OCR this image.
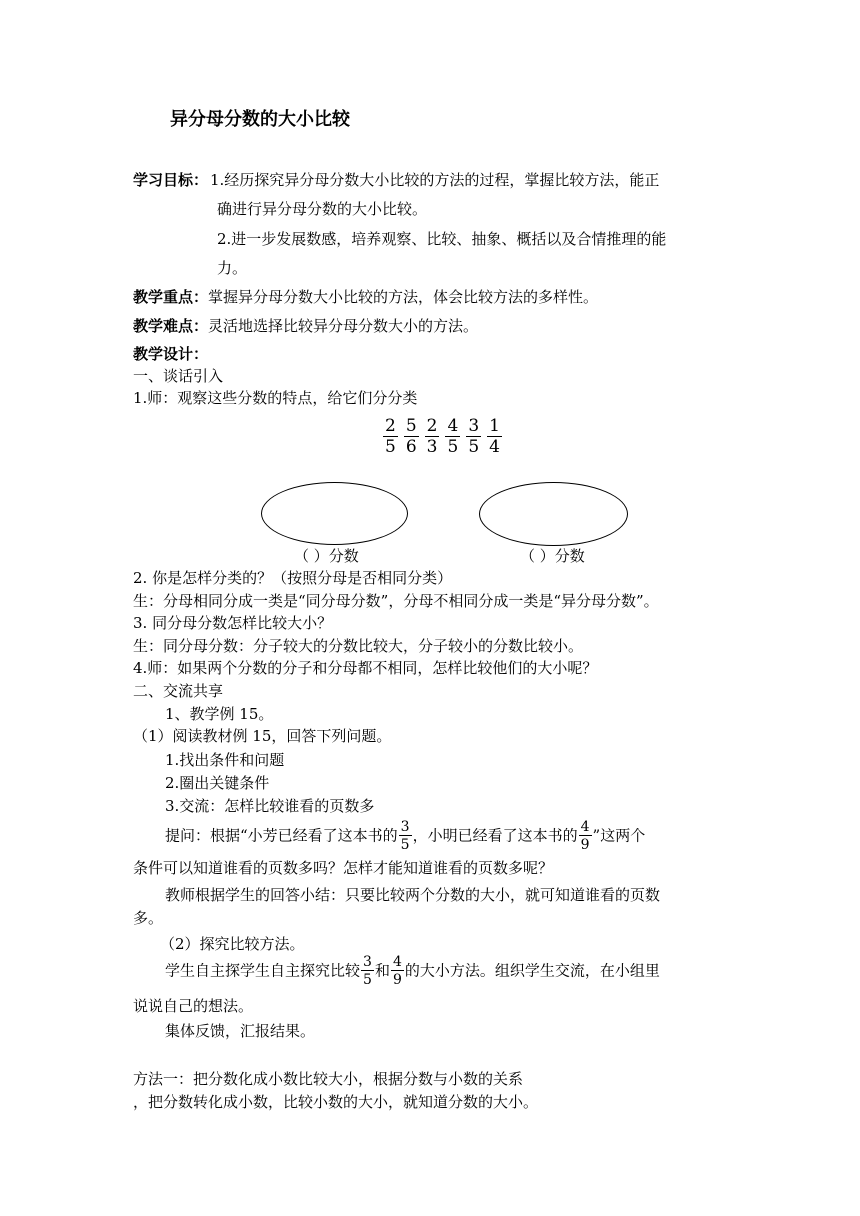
异分母分数的大小比较
学习目标： 1.经历探究异分母分数大小比较的方法的过程，掌握比较方法，能正
确进行异分母分数的大小比较。
2.进一步发展数感，培养观察、比较、抽象、概括以及合情推理的能
力。
教学重点：掌握异分母分数大小比较的方法，体会比较方法的多样性。
教学难点：灵活地选择比较异分母分数大小的方法。
教学设计：
一、谈话引入
1.师：观察这些分数的特点，给它们分分类
$\frac{2}{5} \frac{5}{6} \frac{2}{3} \frac{4}{5} \frac{3}{5} \frac{1}{4}$
（ ）分数	（ ）分数
2. 你是怎样分类的？（按照分母是否相同分类）
生：分母相同分成一类是“同分母分数”，分母不相同分成一类是“异分母分数”。
3. 同分母分数怎样比较大小？
生：同分母分数：分子较大的分数比较大，分子较小的分数比较小。
4.师：如果两个分数的分子和分母都不相同，怎样比较他们的大小呢？
二、交流共享
1、教学例 15。
（1）阅读教材例 15，回答下列问题。
1.找出条件和问题
2.圈出关键条件
3.交流：怎样比较谁看的页数多
提问：根据“小芳已经看了这本书的 $\frac{3}{5}$ ，小明已经看了这本书的 $\frac{4}{9}$ ”这两个
条件可以知道谁看的页数多吗？怎样才能知道谁看的页数多呢？
教师根据学生的回答小结：只要比较两个分数的大小，就可知道谁看的页数
多。
（2）探究比较方法。
学生自主探学生自主探究比较 $\frac{3}{5}$ 和 $\frac{4}{9}$ 的大小方法。组织学生交流，在小组里
说说自己的想法。
集体反馈，汇报结果。
方法一：把分数化成小数比较大小，根据分数与小数的关系
，把分数转化成小数，比较小数的大小，就知道分数的大小。
